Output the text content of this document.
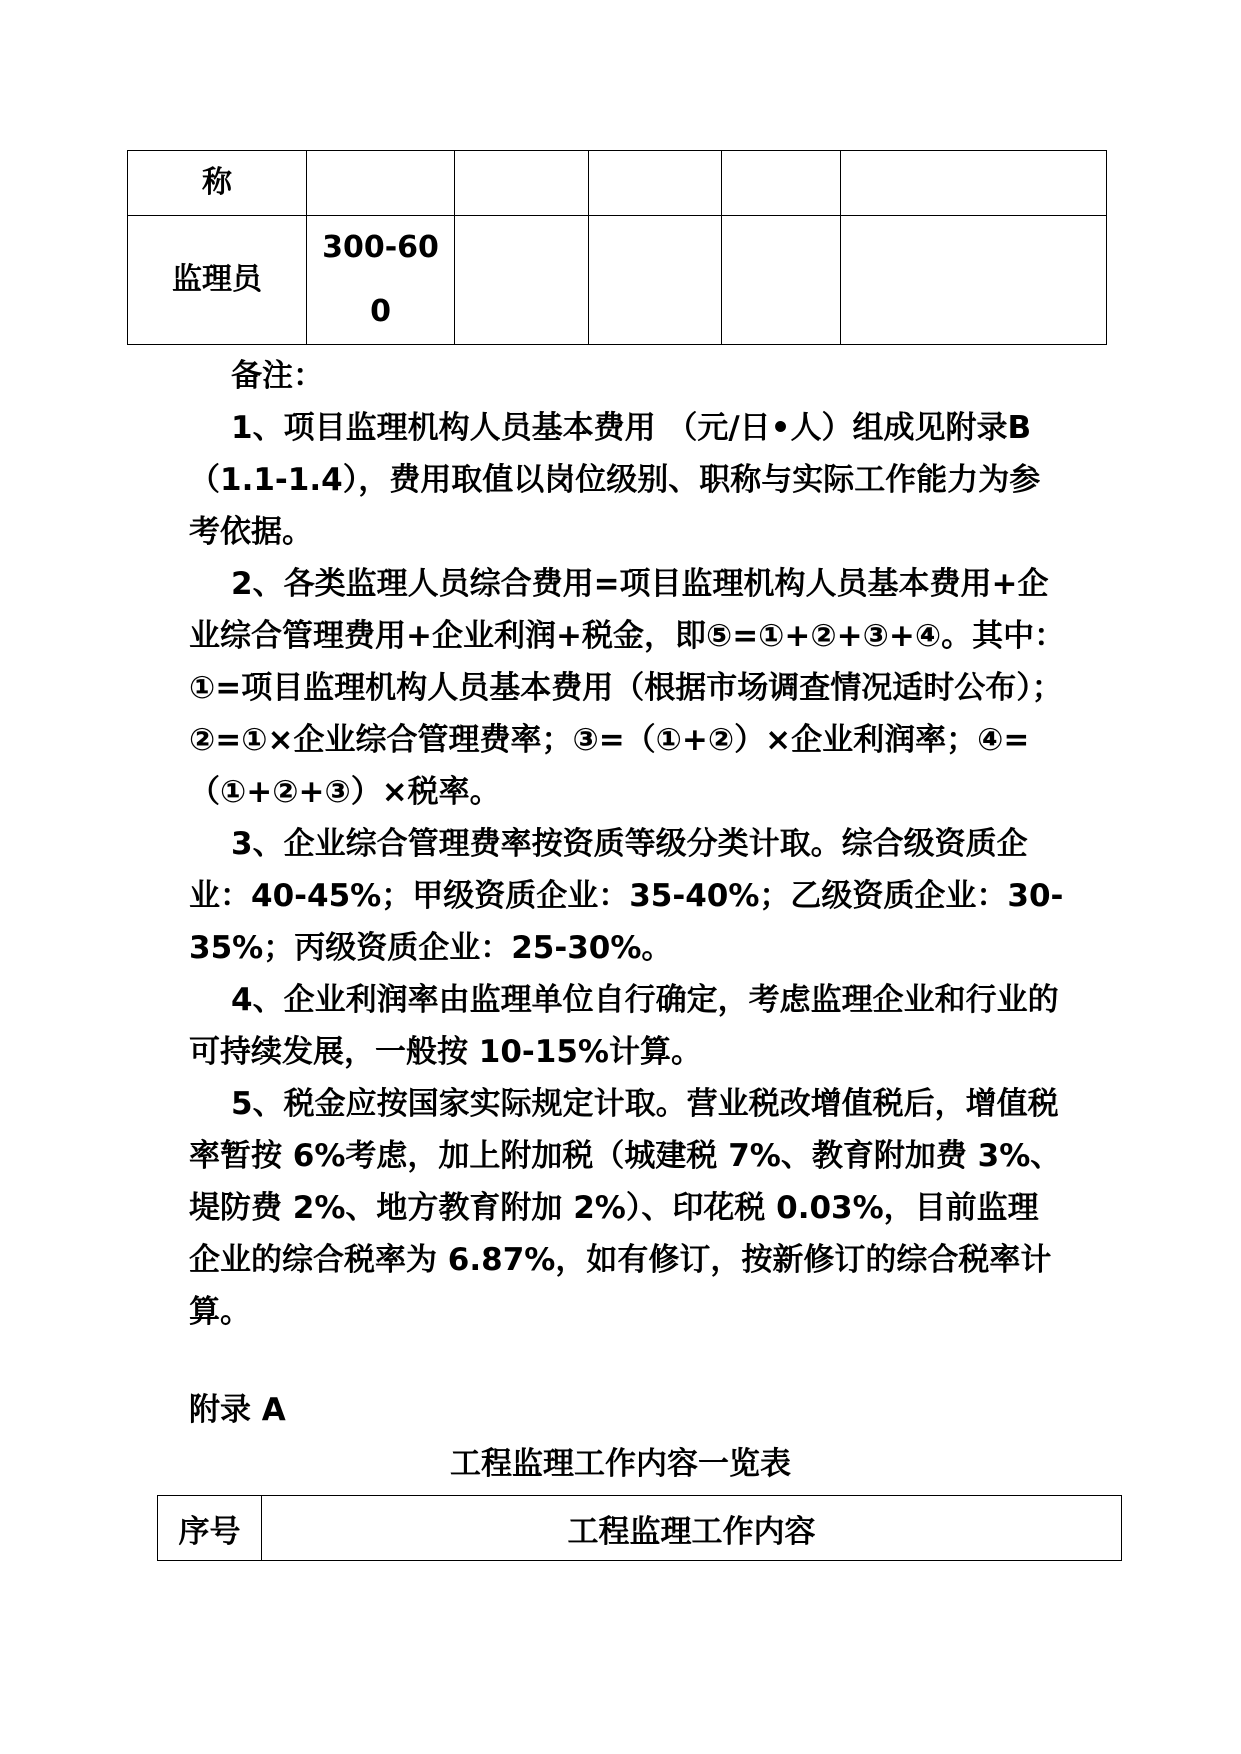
称					
监理员	300-60
0				

备注：

1、项目监理机构人员基本费用 （元/日•人）组成见附录B（1.1-1.4），费用取值以岗位级别、职称与实际工作能力为参考依据。

2、各类监理人员综合费用=项目监理机构人员基本费用+企业综合管理费用+企业利润+税金，即⑤=①+②+③+④。其中：①=项目监理机构人员基本费用（根据市场调查情况适时公布）；②=①×企业综合管理费率；③=（①+②）×企业利润率；④=（①+②+③）×税率。

3、企业综合管理费率按资质等级分类计取。综合级资质企业：40-45%；甲级资质企业：35-40%；乙级资质企业：30-35%；丙级资质企业：25-30%。

4、企业利润率由监理单位自行确定，考虑监理企业和行业的可持续发展，一般按 10-15%计算。

5、税金应按国家实际规定计取。营业税改增值税后，增值税率暂按 6%考虑，加上附加税（城建税 7%、教育附加费 3%、堤防费 2%、地方教育附加 2%）、印花税 0.03%，目前监理企业的综合税率为 6.87%，如有修订，按新修订的综合税率计算。

附录 A
工程监理工作内容一览表
序号	工程监理工作内容
